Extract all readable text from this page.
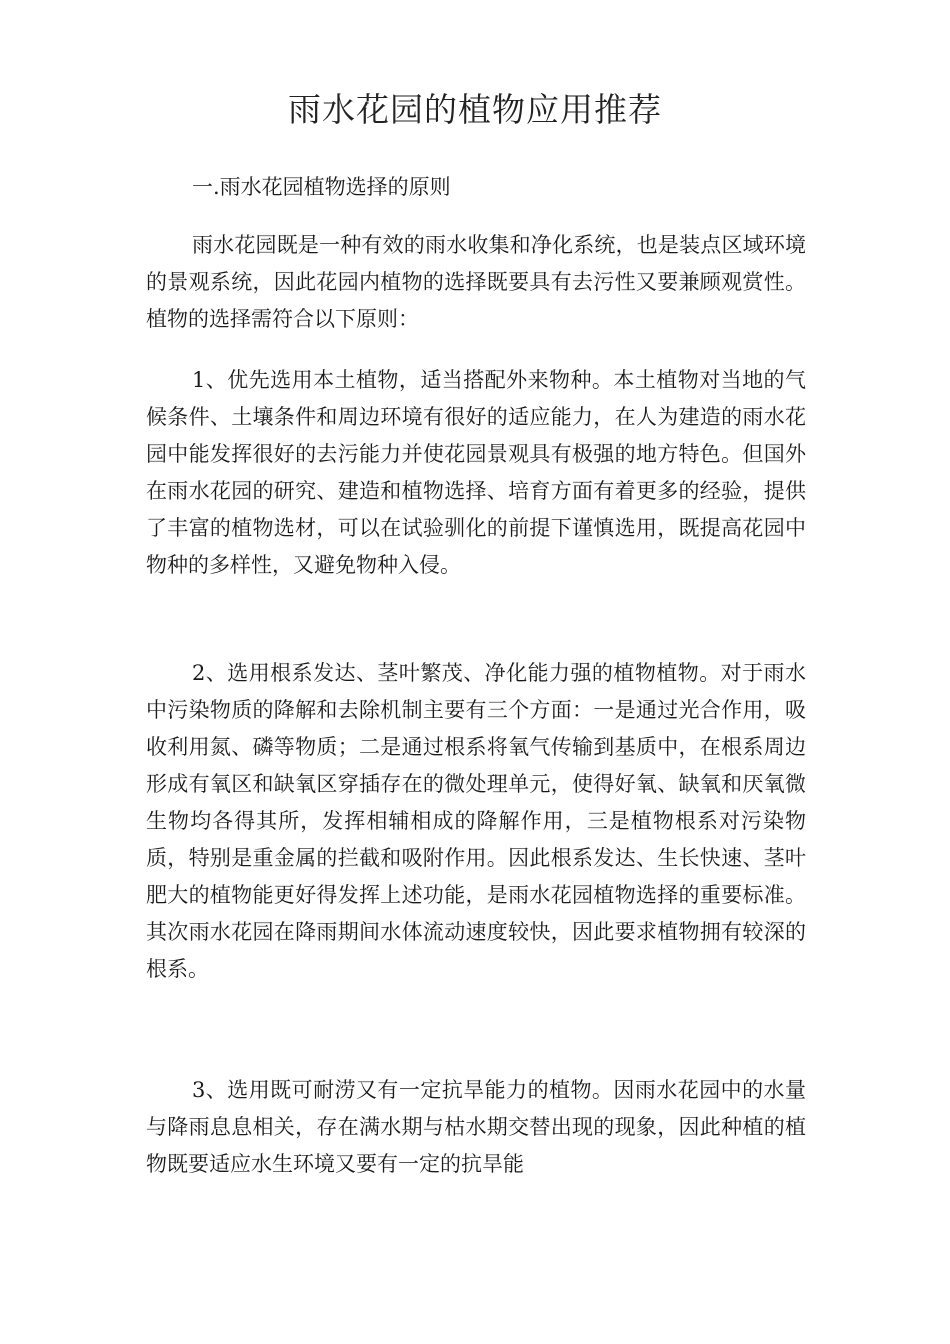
雨水花园的植物应用推荐
一.雨水花园植物选择的原则

雨水花园既是一种有效的雨水收集和净化系统，也是装点区域环境的景观系统，因此花园内植物的选择既要具有去污性又要兼顾观赏性。植物的选择需符合以下原则：

1、优先选用本土植物，适当搭配外来物种。本土植物对当地的气候条件、土壤条件和周边环境有很好的适应能力，在人为建造的雨水花园中能发挥很好的去污能力并使花园景观具有极强的地方特色。但国外在雨水花园的研究、建造和植物选择、培育方面有着更多的经验，提供了丰富的植物选材，可以在试验驯化的前提下谨慎选用，既提高花园中物种的多样性，又避免物种入侵。

2、选用根系发达、茎叶繁茂、净化能力强的植物植物。对于雨水中污染物质的降解和去除机制主要有三个方面：一是通过光合作用，吸收利用氮、磷等物质；二是通过根系将氧气传输到基质中，在根系周边形成有氧区和缺氧区穿插存在的微处理单元，使得好氧、缺氧和厌氧微生物均各得其所，发挥相辅相成的降解作用，三是植物根系对污染物质，特别是重金属的拦截和吸附作用。因此根系发达、生长快速、茎叶肥大的植物能更好得发挥上述功能，是雨水花园植物选择的重要标准。其次雨水花园在降雨期间水体流动速度较快，因此要求植物拥有较深的根系。

3、选用既可耐涝又有一定抗旱能力的植物。因雨水花园中的水量与降雨息息相关，存在满水期与枯水期交替出现的现象，因此种植的植物既要适应水生环境又要有一定的抗旱能
